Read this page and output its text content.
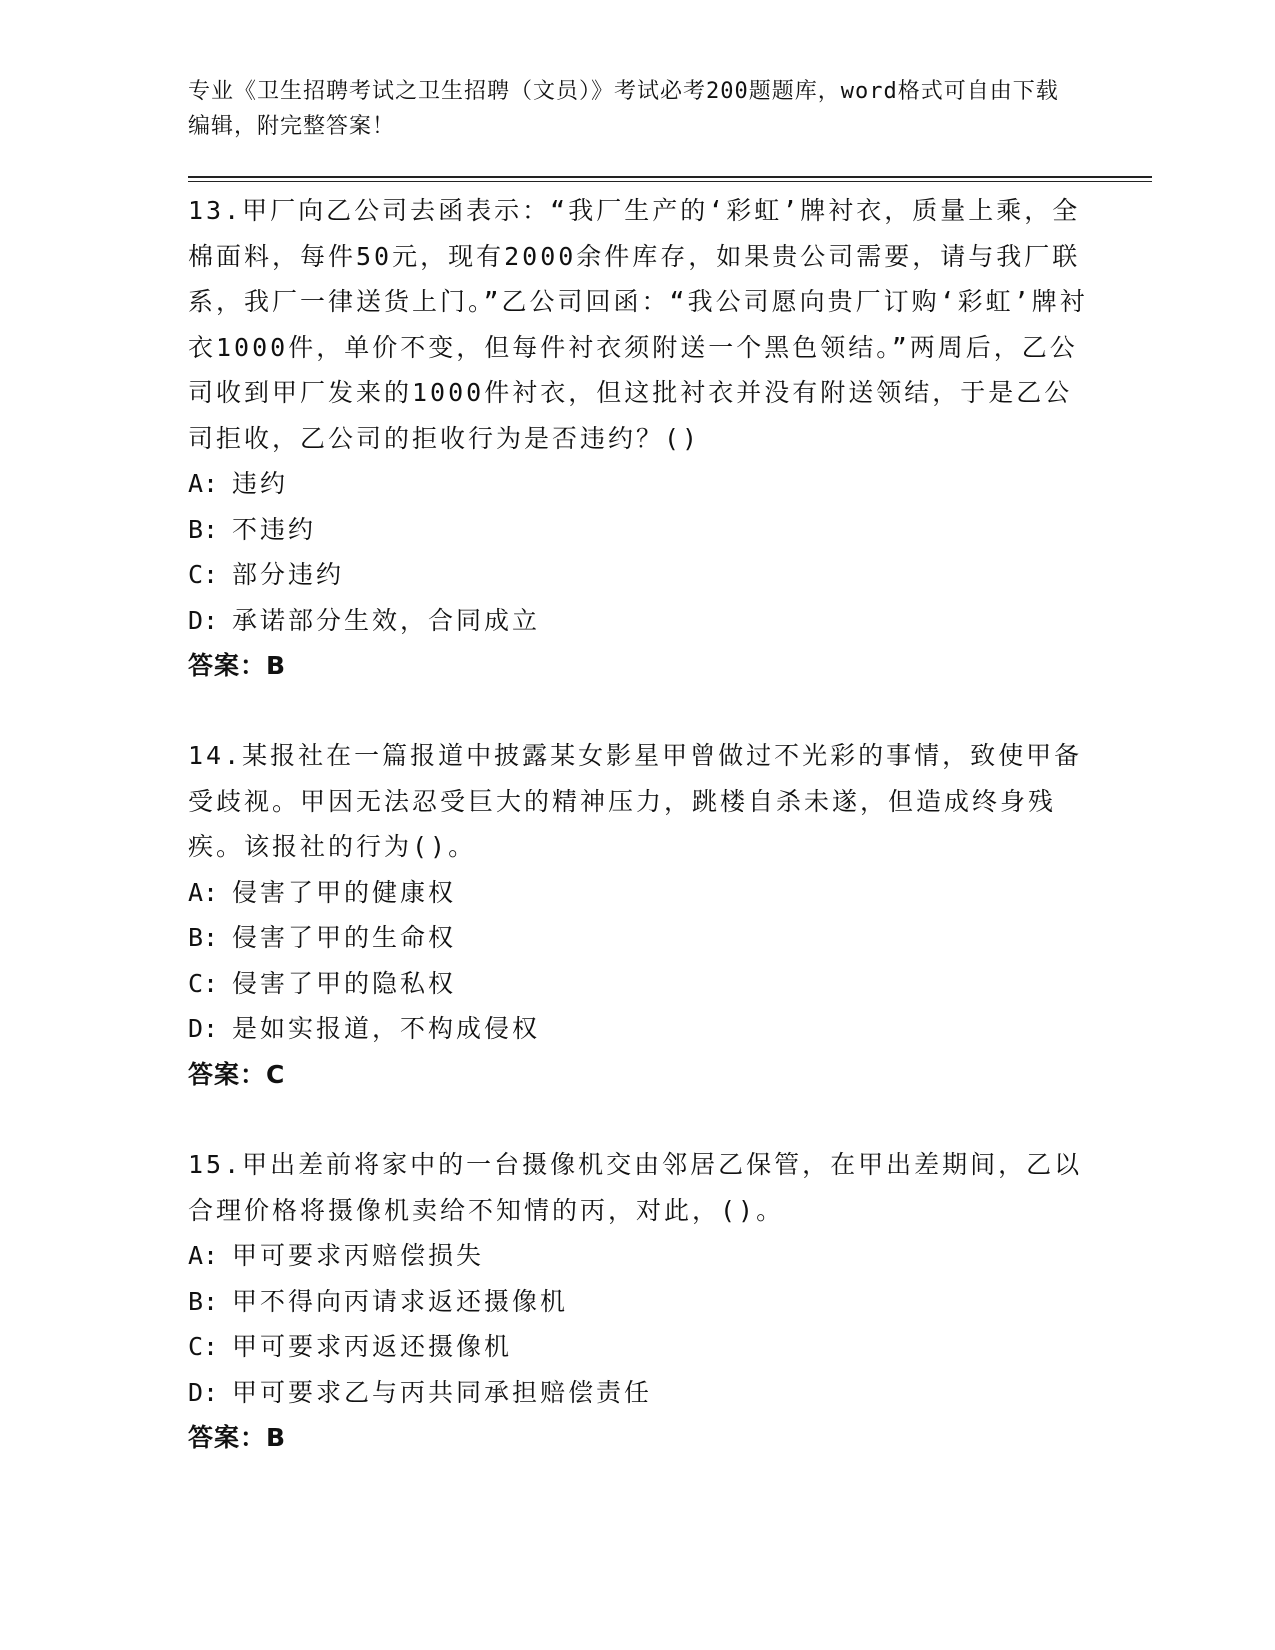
专业《卫生招聘考试之卫生招聘（文员）》考试必考200题题库，word格式可自由下载编辑，附完整答案！

13.甲厂向乙公司去函表示：“我厂生产的‘彩虹’牌衬衣，质量上乘，全棉面料，每件50元，现有2000余件库存，如果贵公司需要，请与我厂联系，我厂一律送货上门。”乙公司回函：“我公司愿向贵厂订购‘彩虹’牌衬衣1000件，单价不变，但每件衬衣须附送一个黑色领结。”两周后，乙公司收到甲厂发来的1000件衬衣，但这批衬衣并没有附送领结，于是乙公司拒收，乙公司的拒收行为是否违约？()

A: 违约

B: 不违约

C: 部分违约

D: 承诺部分生效，合同成立

答案：B

14.某报社在一篇报道中披露某女影星甲曾做过不光彩的事情，致使甲备受歧视。甲因无法忍受巨大的精神压力，跳楼自杀未遂，但造成终身残疾。该报社的行为()。

A: 侵害了甲的健康权

B: 侵害了甲的生命权

C: 侵害了甲的隐私权

D: 是如实报道，不构成侵权

答案：C

15.甲出差前将家中的一台摄像机交由邻居乙保管，在甲出差期间，乙以合理价格将摄像机卖给不知情的丙，对此，()。

A: 甲可要求丙赔偿损失

B: 甲不得向丙请求返还摄像机

C: 甲可要求丙返还摄像机

D: 甲可要求乙与丙共同承担赔偿责任

答案：B
